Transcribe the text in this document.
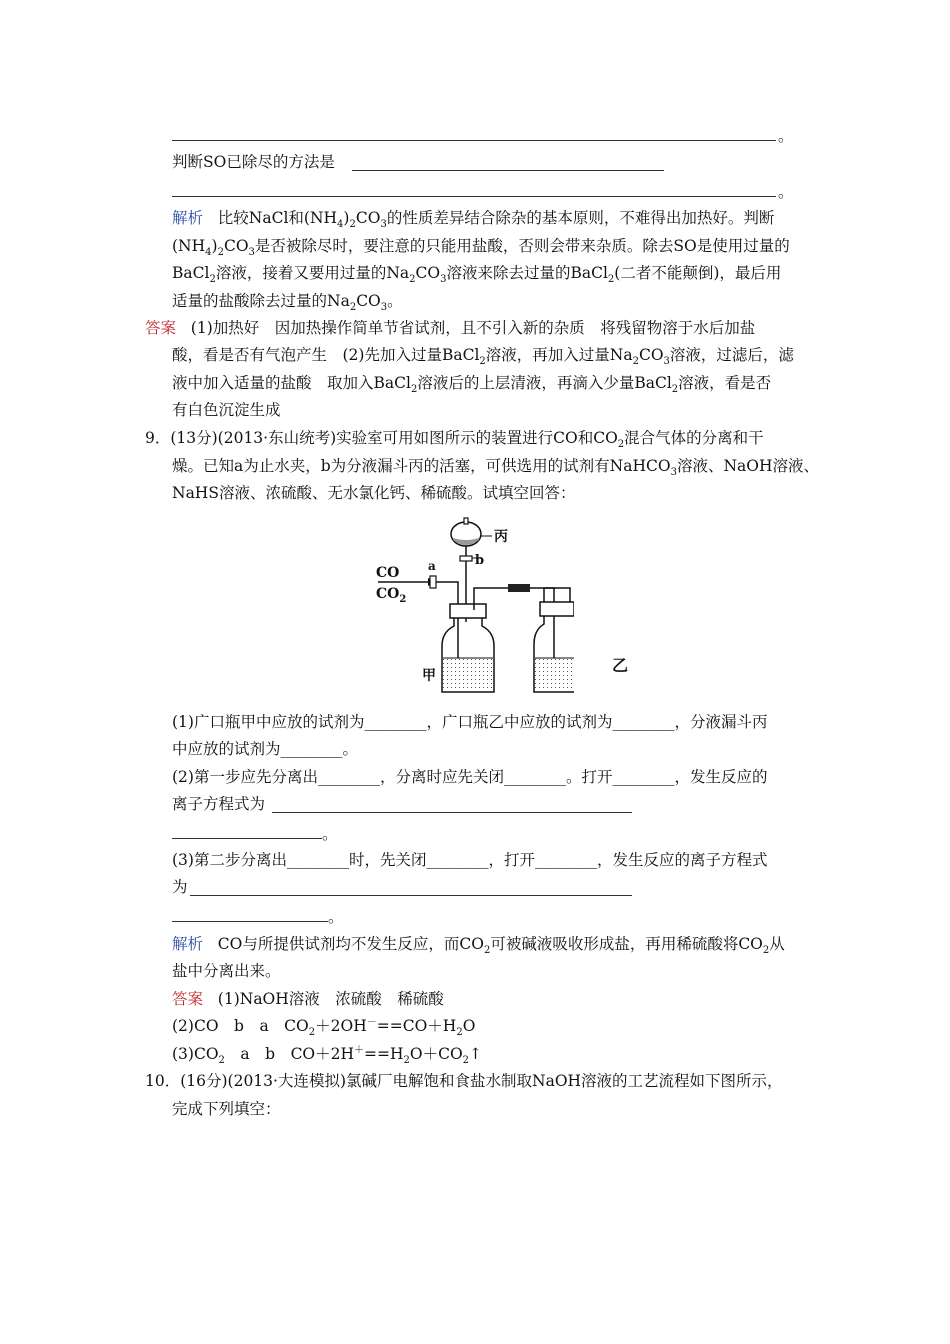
。
判断SO已除尽的方法是
。
解析 比较NaCl和$(NH_4)_2CO_3$的性质差异结合除杂的基本原则，不难得出加热好。判断
$(NH_4)_2CO_3$是否被除尽时，要注意的只能用盐酸，否则会带来杂质。除去SO是使用过量的
BaCl$_2$溶液，接着又要用过量的$Na_2CO_3$溶液来除去过量的BaCl$_2$(二者不能颠倒)，最后用
适量的盐酸除去过量的$Na_2CO_3$。
答案 (1)加热好　因加热操作简单节省试剂，且不引入新的杂质　将残留物溶于水后加盐
酸，看是否有气泡产生　(2)先加入过量BaCl$_2$溶液，再加入过量$Na_2CO_3$溶液，过滤后，滤
液中加入适量的盐酸　取加入BaCl$_2$溶液后的上层清液，再滴入少量BaCl$_2$溶液，看是否
有白色沉淀生成
9．(13分)(2013·东山统考)实验室可用如图所示的装置进行CO和$CO_2$混合气体的分离和干
燥。已知a为止水夹，b为分液漏斗丙的活塞，可供选用的试剂有NaHCO$_3$溶液、NaOH溶液、
NaHS溶液、浓硫酸、无水氯化钙、稀硫酸。试填空回答：
丙
b
CO
$CO_2$
a
甲
乙
(1)广口瓶甲中应放的试剂为________，广口瓶乙中应放的试剂为________，分液漏斗丙
中应放的试剂为________。
(2)第一步应先分离出________，分离时应先关闭________。打开________，发生反应的
离子方程式为
。
(3)第二步分离出________时，先关闭________，打开________，发生反应的离子方程式
为
。
解析 CO与所提供试剂均不发生反应，而$CO_2$可被碱液吸收形成盐，再用稀硫酸将$CO_2$从
盐中分离出来。
答案 (1)NaOH溶液　浓硫酸　稀硫酸
(2)CO　b　a　$CO_2+2OH^-==CO+H_2O$
$(3)CO_2$　a　b　$CO+2H^+==H_2O+CO_2↑$
10．(16分)(2013·大连模拟)氯碱厂电解饱和食盐水制取NaOH溶液的工艺流程如下图所示，
完成下列填空：
